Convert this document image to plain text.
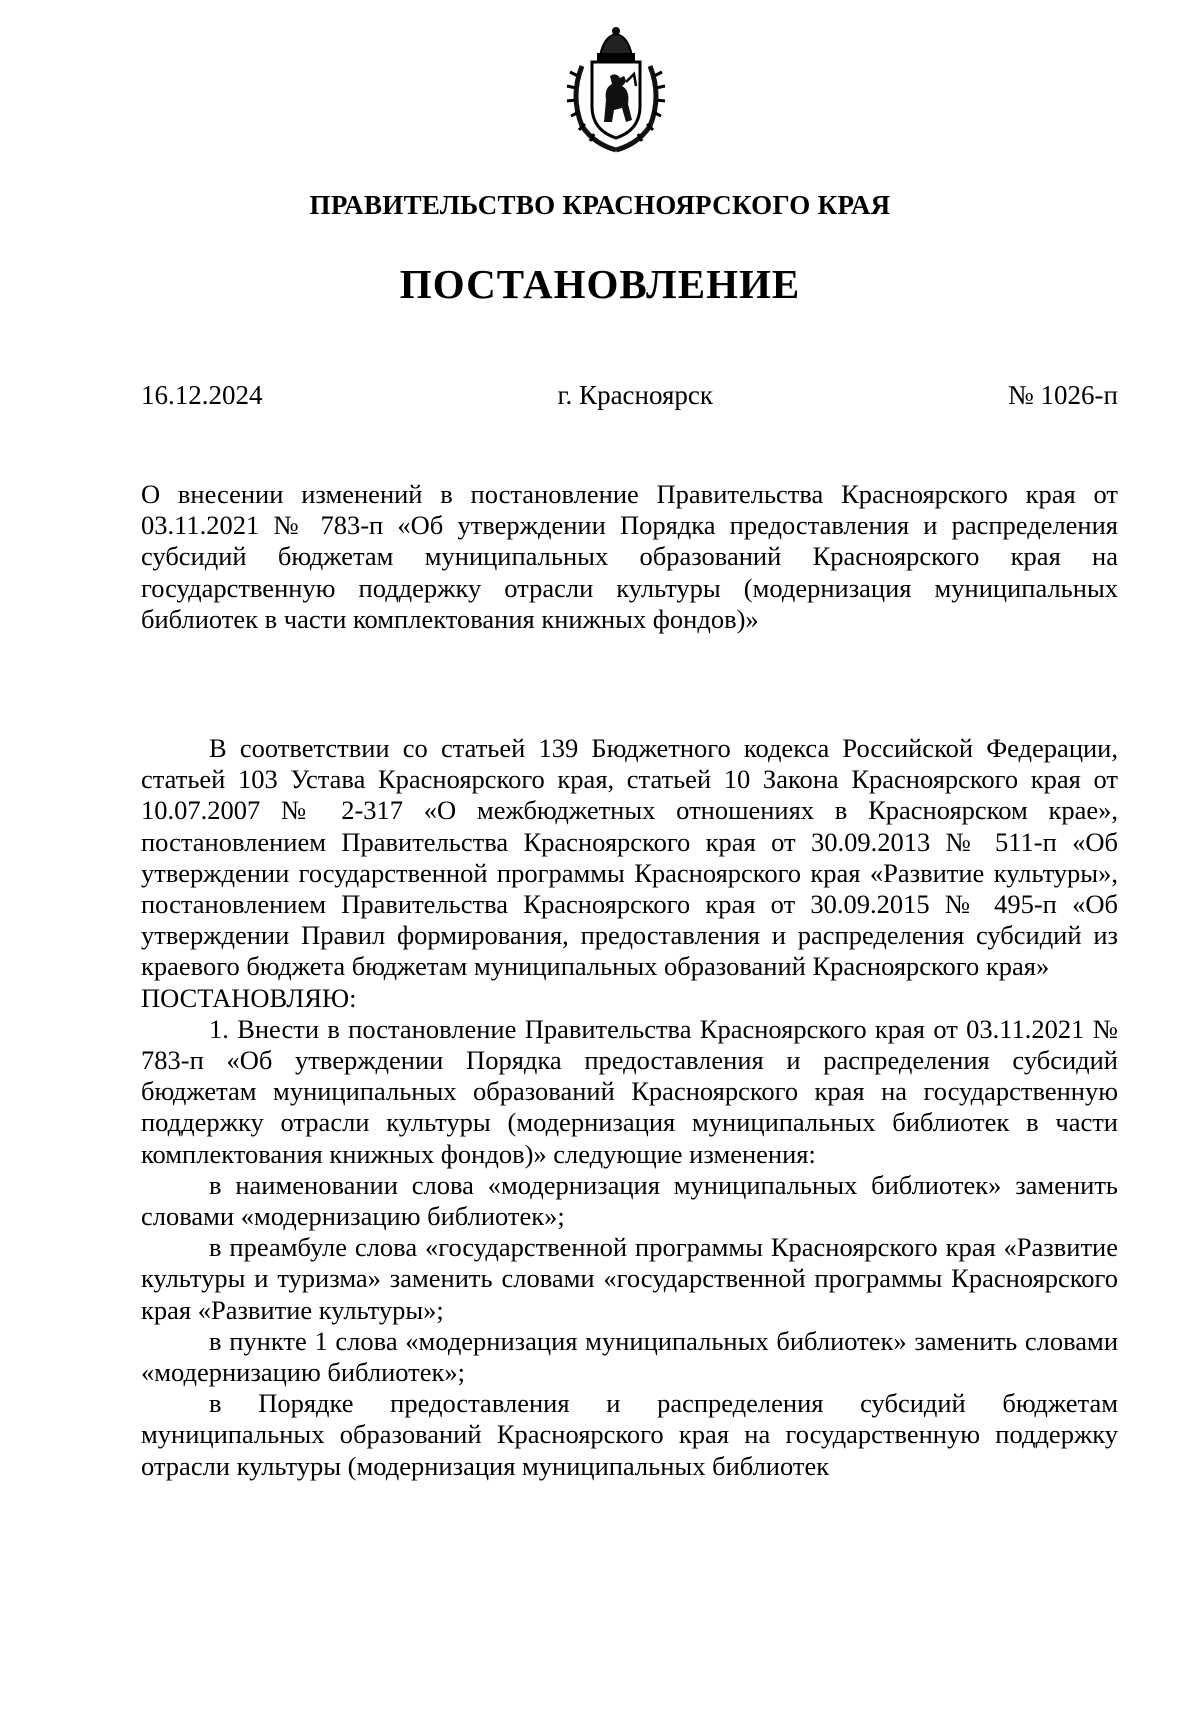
ПРАВИТЕЛЬСТВО КРАСНОЯРСКОГО КРАЯ
ПОСТАНОВЛЕНИЕ
16.12.2024	г. Красноярск	№ 1026-п

О внесении изменений в постановление Правительства Красноярского края от 03.11.2021 № 783-п «Об утверждении Порядка предоставления и распределения субсидий бюджетам муниципальных образований Красноярского края на государственную поддержку отрасли культуры (модернизация муниципальных библиотек в части комплектования книжных фондов)»

В соответствии со статьей 139 Бюджетного кодекса Российской Федерации, статьей 103 Устава Красноярского края, статьей 10 Закона Красноярского края от 10.07.2007 № 2-317 «О межбюджетных отношениях в Красноярском крае», постановлением Правительства Красноярского края от 30.09.2013 № 511-п «Об утверждении государственной программы Красноярского края «Развитие культуры», постановлением Правительства Красноярского края от 30.09.2015 № 495-п «Об утверждении Правил формирования, предоставления и распределения субсидий из краевого бюджета бюджетам муниципальных образований Красноярского края»

ПОСТАНОВЛЯЮ:

1. Внести в постановление Правительства Красноярского края от 03.11.2021 № 783-п «Об утверждении Порядка предоставления и распределения субсидий бюджетам муниципальных образований Красноярского края на государственную поддержку отрасли культуры (модернизация муниципальных библиотек в части комплектования книжных фондов)» следующие изменения:

в наименовании слова «модернизация муниципальных библиотек» заменить словами «модернизацию библиотек»;

в преамбуле слова «государственной программы Красноярского края «Развитие культуры и туризма» заменить словами «государственной программы Красноярского края «Развитие культуры»;

в пункте 1 слова «модернизация муниципальных библиотек» заменить словами «модернизацию библиотек»;

в Порядке предоставления и распределения субсидий бюджетам муниципальных образований Красноярского края на государственную поддержку отрасли культуры (модернизация муниципальных библиотек
